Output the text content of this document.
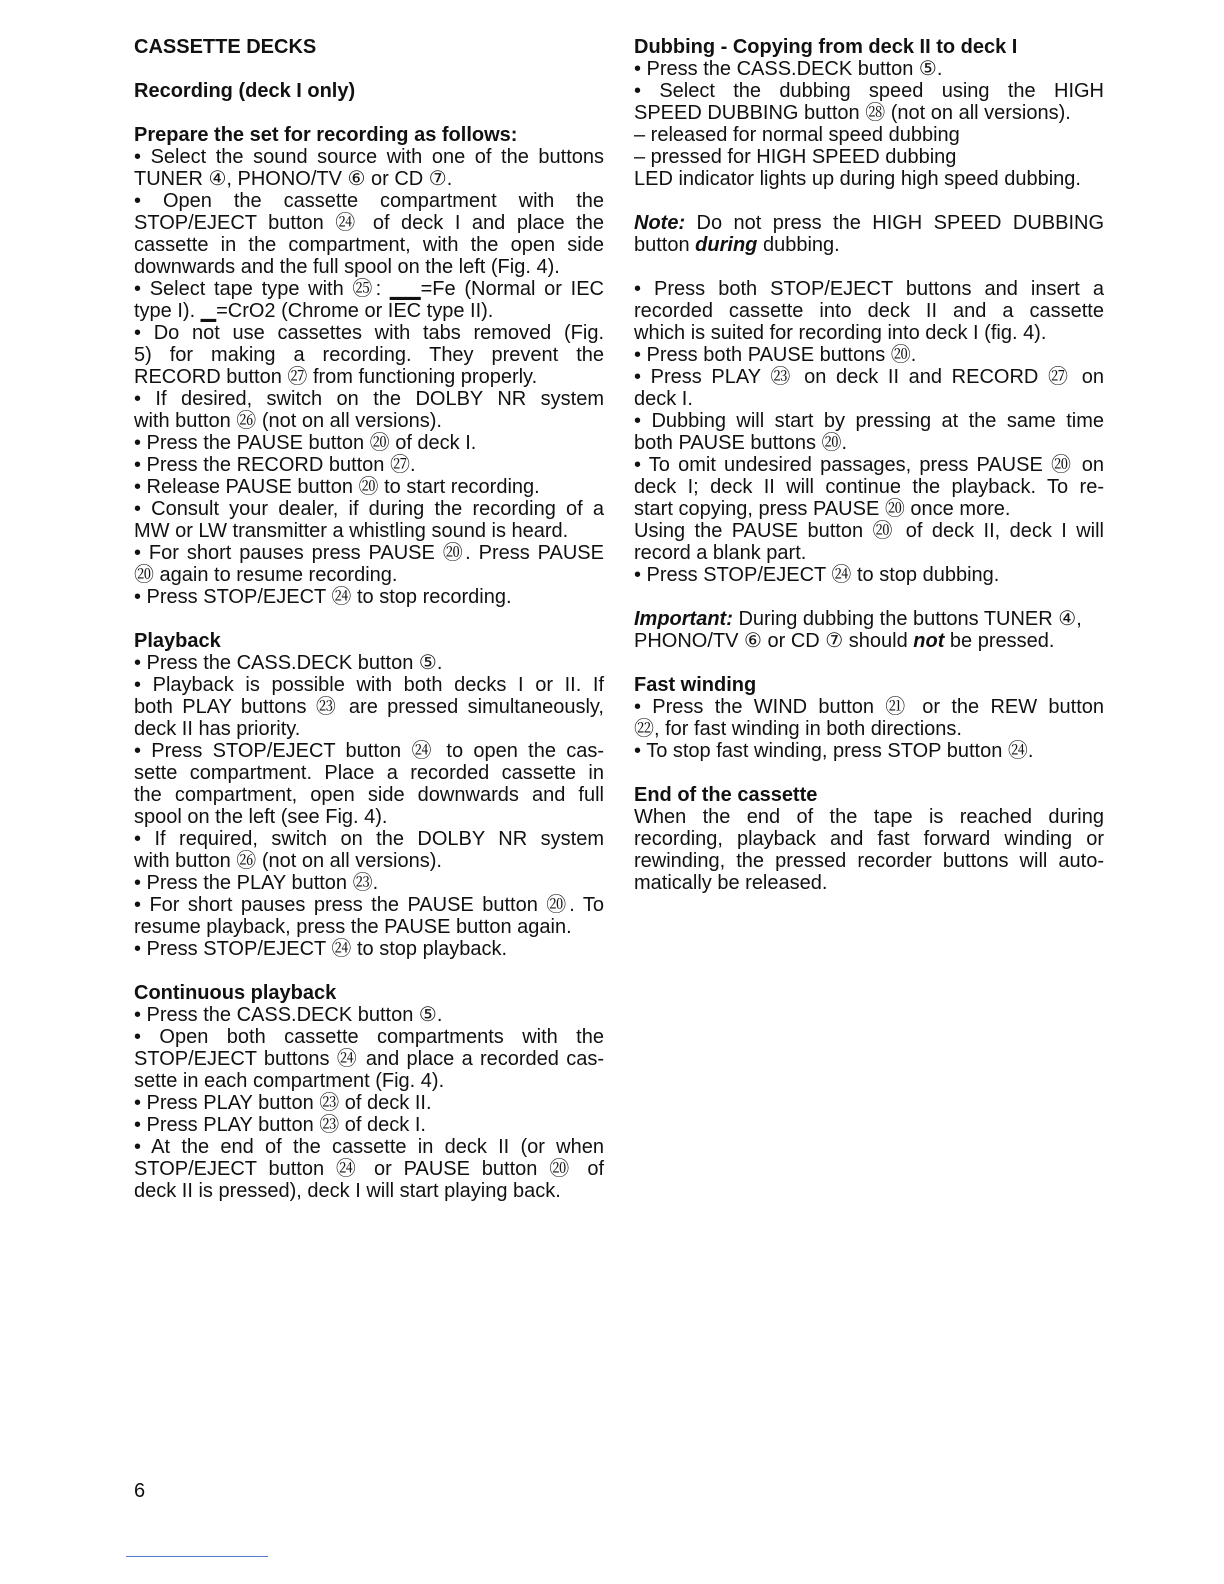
CASSETTE DECKS
Recording (deck I only)
Prepare the set for recording as follows:
• Select the sound source with one of the buttons
TUNER ④, PHONO/TV ⑥ or CD ⑦.
• Open the cassette compartment with the
STOP/EJECT button ㉔ of deck I and place the
cassette in the compartment, with the open side
downwards and the full spool on the left (Fig. 4).
• Select tape type with ㉕: ▁▁=Fe (Normal or IEC
type I). ▁=CrO2 (Chrome or IEC type II).
• Do not use cassettes with tabs removed (Fig.
5) for making a recording. They prevent the
RECORD button ㉗ from functioning properly.
• If desired, switch on the DOLBY NR system
with button ㉖ (not on all versions).
• Press the PAUSE button ⑳ of deck I.
• Press the RECORD button ㉗.
• Release PAUSE button ⑳ to start recording.
• Consult your dealer, if during the recording of a
MW or LW transmitter a whistling sound is heard.
• For short pauses press PAUSE ⑳. Press PAUSE
⑳ again to resume recording.
• Press STOP/EJECT ㉔ to stop recording.
Playback
• Press the CASS.DECK button ⑤.
• Playback is possible with both decks I or II. If
both PLAY buttons ㉓ are pressed simultaneously,
deck II has priority.
• Press STOP/EJECT button ㉔ to open the cas-
sette compartment. Place a recorded cassette in
the compartment, open side downwards and full
spool on the left (see Fig. 4).
• If required, switch on the DOLBY NR system
with button ㉖ (not on all versions).
• Press the PLAY button ㉓.
• For short pauses press the PAUSE button ⑳. To
resume playback, press the PAUSE button again.
• Press STOP/EJECT ㉔ to stop playback.
Continuous playback
• Press the CASS.DECK button ⑤.
• Open both cassette compartments with the
STOP/EJECT buttons ㉔ and place a recorded cas-
sette in each compartment (Fig. 4).
• Press PLAY button ㉓ of deck II.
• Press PLAY button ㉓ of deck I.
• At the end of the cassette in deck II (or when
STOP/EJECT button ㉔ or PAUSE button ⑳ of
deck II is pressed), deck I will start playing back.
Dubbing - Copying from deck II to deck I
• Press the CASS.DECK button ⑤.
• Select the dubbing speed using the HIGH
SPEED DUBBING button ㉘ (not on all versions).
– released for normal speed dubbing
– pressed for HIGH SPEED dubbing
LED indicator lights up during high speed dubbing.
Note: Do not press the HIGH SPEED DUBBING
button during dubbing.
• Press both STOP/EJECT buttons and insert a
recorded cassette into deck II and a cassette
which is suited for recording into deck I (fig. 4).
• Press both PAUSE buttons ⑳.
• Press PLAY ㉓ on deck II and RECORD ㉗ on
deck I.
• Dubbing will start by pressing at the same time
both PAUSE buttons ⑳.
• To omit undesired passages, press PAUSE ⑳ on
deck I; deck II will continue the playback. To re-
start copying, press PAUSE ⑳ once more.
Using the PAUSE button ⑳ of deck II, deck I will
record a blank part.
• Press STOP/EJECT ㉔ to stop dubbing.
Important: During dubbing the buttons TUNER ④,
PHONO/TV ⑥ or CD ⑦ should not be pressed.
Fast winding
• Press the WIND button ㉑ or the REW button
㉒, for fast winding in both directions.
• To stop fast winding, press STOP button ㉔.
End of the cassette
When the end of the tape is reached during
recording, playback and fast forward winding or
rewinding, the pressed recorder buttons will auto-
matically be released.
6
